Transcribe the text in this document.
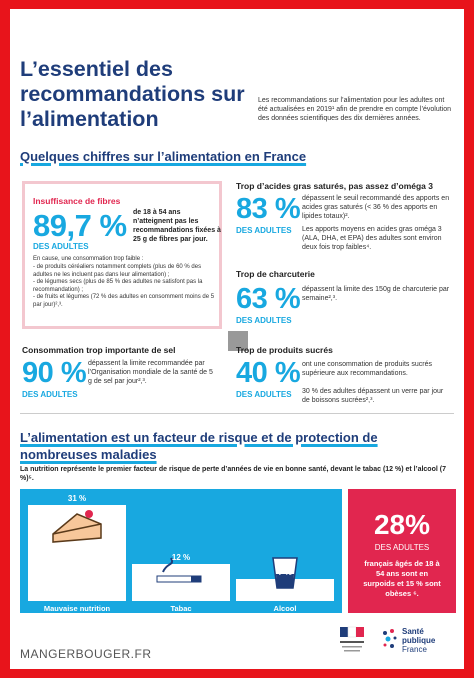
L’essentiel des recommandations sur l’alimentation
Les recommandations sur l’alimentation pour les adultes ont été actualisées en 2019¹ afin de prendre en compte l’évolution des données scientifiques des dix dernières années.
Quelques chiffres sur l’alimentation en France
Insuffisance de fibres
89,7 %
DES ADULTES
de 18 à 54 ans n’atteignent pas les recommandations fixées à 25 g de fibres par jour.
En cause, une consommation trop faible :
- de produits céréaliers notamment complets (plus de 60 % des adultes ne les incluent pas dans leur alimentation) ;
- de légumes secs (plus de 85 % des adultes ne satisfont pas la recommandation) ;
- de fruits et légumes (72 % des adultes en consomment moins de 5 par jour)²,³.
Trop d’acides gras saturés, pas assez d’oméga 3
83 %
DES ADULTES
dépassent le seuil recommandé des apports en acides gras saturés (< 36 % des apports en lipides totaux)².
Les apports moyens en acides gras oméga 3 (ALA, DHA, et EPA) des adultes sont environ deux fois trop faibles⁴.
Trop de charcuterie
63 %
DES ADULTES
dépassent la limite des 150g de charcuterie par semaine²,³.
Consommation trop importante de sel
90 %
DES ADULTES
dépassent la limite recommandée par l’Organisation mondiale de la santé de 5 g de sel par jour²,³.
Trop de produits sucrés
40 %
DES ADULTES
ont une consommation de produits sucrés supérieure aux recommandations.
30 % des adultes dépassent un verre par jour de boissons sucrées²,³.
L’alimentation est un facteur de risque et de protection de nombreuses maladies
La nutrition représente le premier facteur de risque de perte d’années de vie en bonne santé, devant le tabac (12 %) et l’alcool (7 %)⁵.
31 %
Mauvaise nutrition
12 %
Tabac
7 %
Alcool
28%
DES ADULTES
français âgés de 18 à 54 ans sont en surpoids et 15 % sont obèses ⁶.
MANGERBOUGER.FR
Santé
publique
France
